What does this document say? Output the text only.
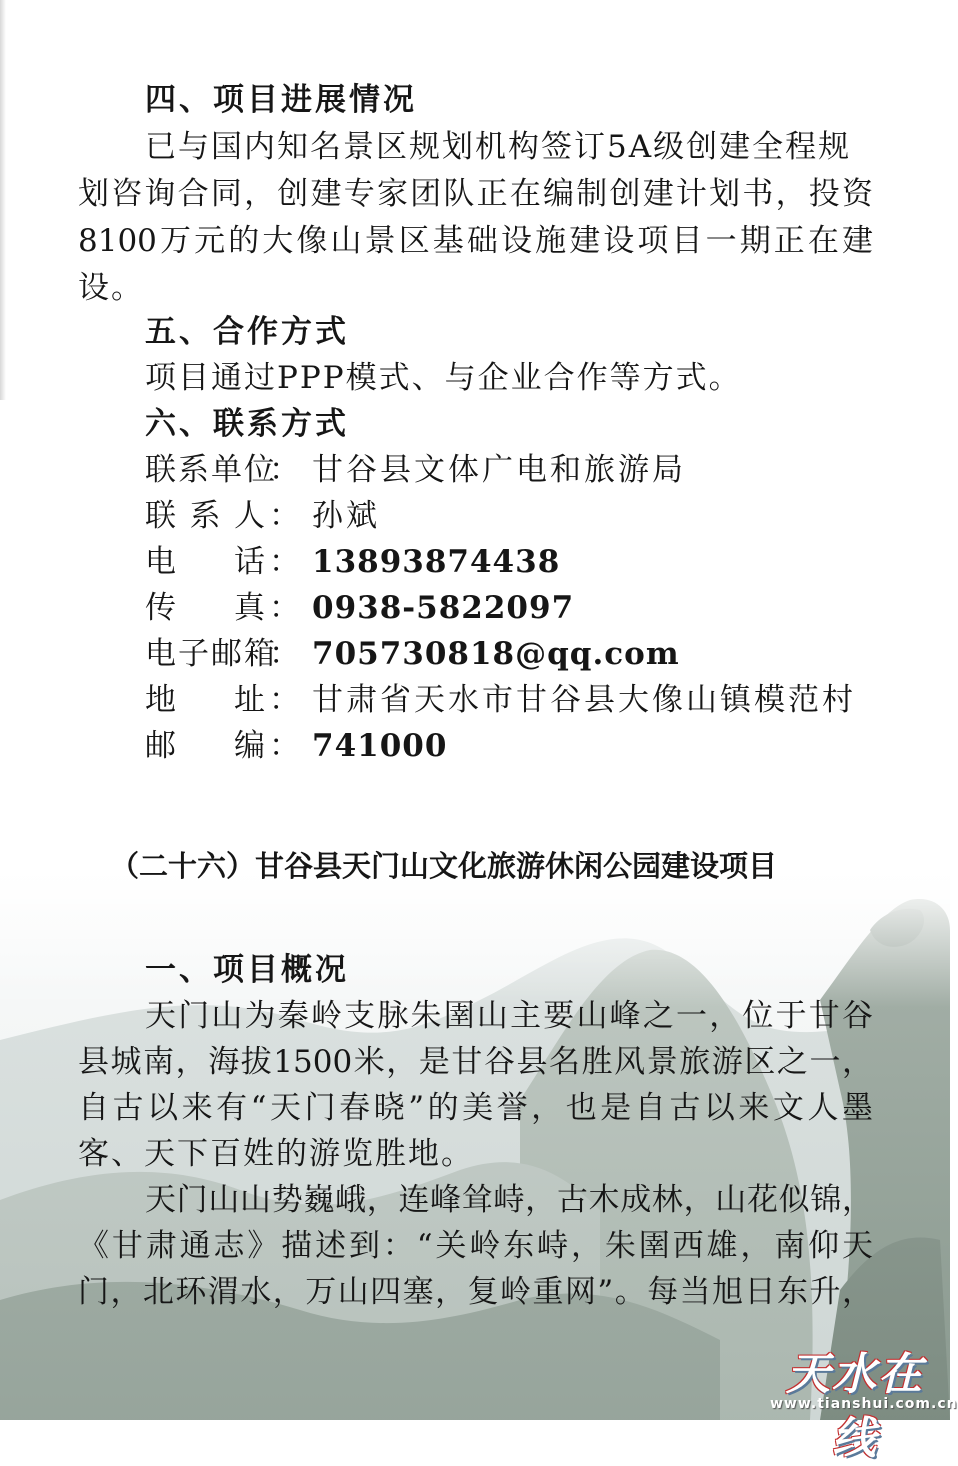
四、项目进展情况
已与国内知名景区规划机构签订5A级创建全程规
划咨询合同，创建专家团队正在编制创建计划书，投资
8100万元的大像山景区基础设施建设项目一期正在建
设。
五、合作方式
项目通过PPP模式、与企业合作等方式。
六、联系方式
联 系 单 位
： 甘谷县文体广电和旅游局
联 系 人 ： 孙斌
电 话 ： 13893874438
传 真 ： 0938-5822097
电 子 邮 箱
： 705730818@qq.com
地 址 ： 甘肃省天水市甘谷县大像山镇模范村
邮 编 ： 741000
（二十六）甘谷县天门山文化旅游休闲公园建设项目
一、项目概况
天门山为秦岭支脉朱圉山主要山峰之一，位于甘谷
县城南，海拔1500米，是甘谷县名胜风景旅游区之一，
自古以来有“天门春晓”的美誉，也是自古以来文人墨
客、天下百姓的游览胜地。
天门山山势巍峨，连峰耸峙，古木成林，山花似锦，
《甘肃通志》描述到：“关岭东峙，朱圉西雄，南仰天
门，北环渭水，万山四塞，复岭重网”。每当旭日东升，
天水在线
www.tianshui.com.cn
